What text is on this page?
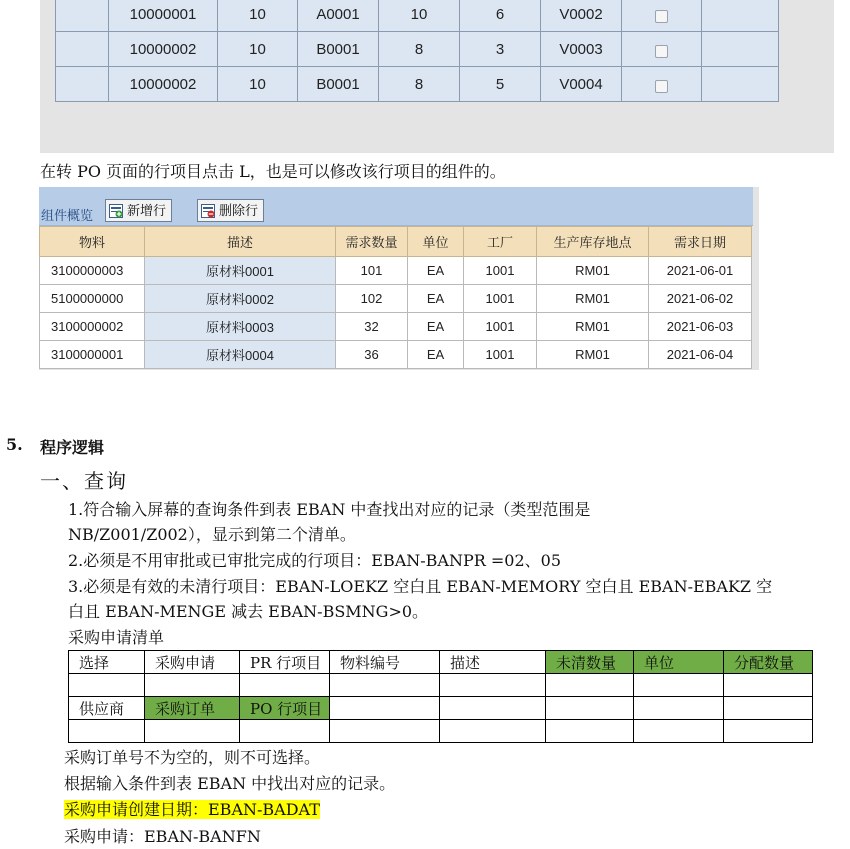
	10000001	10	A0001	10	6	V0002		
	10000002	10	B0001	8	3	V0003		
	10000002	10	B0001	8	5	V0004		
在转 PO 页面的行项目点击 L，也是可以修改该行项目的组件的。
组件概览	新增行	删除行
物料	描述	需求数量	单位	工厂	生产库存地点	需求日期
3100000003	原材料0001	101	EA	1001	RM01	2021-06-01
5100000000	原材料0002	102	EA	1001	RM01	2021-06-02
3100000002	原材料0003	32	EA	1001	RM01	2021-06-03
3100000001	原材料0004	36	EA	1001	RM01	2021-06-04
5. 程序逻辑
一、查询
1.符合输入屏幕的查询条件到表 EBAN 中查找出对应的记录（类型范围是
NB/Z001/Z002），显示到第二个清单。
2.必须是不用审批或已审批完成的行项目：EBAN-BANPR =02、05
3.必须是有效的未清行项目：EBAN-LOEKZ 空白且 EBAN-MEMORY 空白且 EBAN-EBAKZ 空
白且 EBAN-MENGE 减去 EBAN-BSMNG>0。
采购申请清单
选择	采购申请	PR 行项目	物料编号	描述	未清数量	单位	分配数量

供应商	采购订单	PO 行项目					

采购订单号不为空的，则不可选择。
根据输入条件到表 EBAN 中找出对应的记录。
采购申请创建日期：EBAN-BADAT
采购申请：EBAN-BANFN
